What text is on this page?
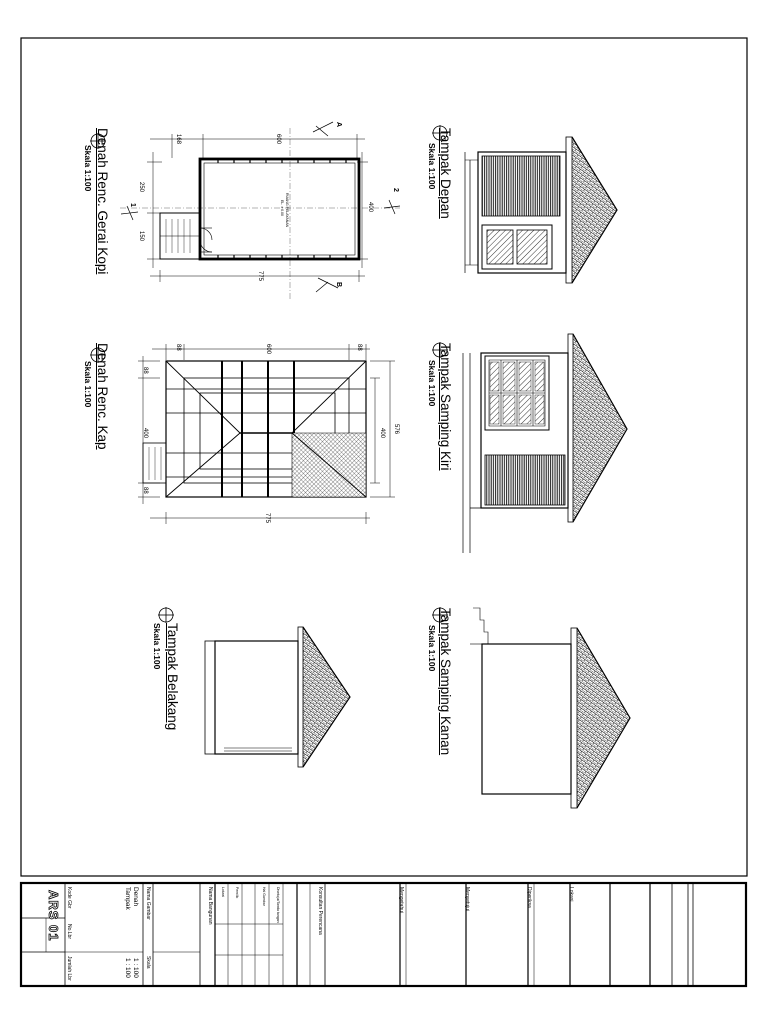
Denah Renc. Gerai Kopi
Skala 1:100
Denah Renc. Kap
Skala 1:100
Tampak Belakang
Skala 1:100
Tampak Depan
Skala 1:100
Tampak Samping Kiri
Skala 1:100
Tampak Samping Kanan
Skala 1:100
250
150
168	600
400
775
RUANG PELAYANAN
EL. ± 0.00
A
B
1
2
88	600	88
88
400
88
400 576
775
Kode Gbr
No.Lbr
Jumlah Lbr
ARS 01	Denah
Tampak
1 : 100
1 : 100
Nama Gambar
Skala
Nama Bangunan Lokasi	Pemilik	Hal Gambar	Disetujui/Tanda tangan	Konsultan Perencana	Mengetahui	Menyetujui	Diperiksa	Lokasi
